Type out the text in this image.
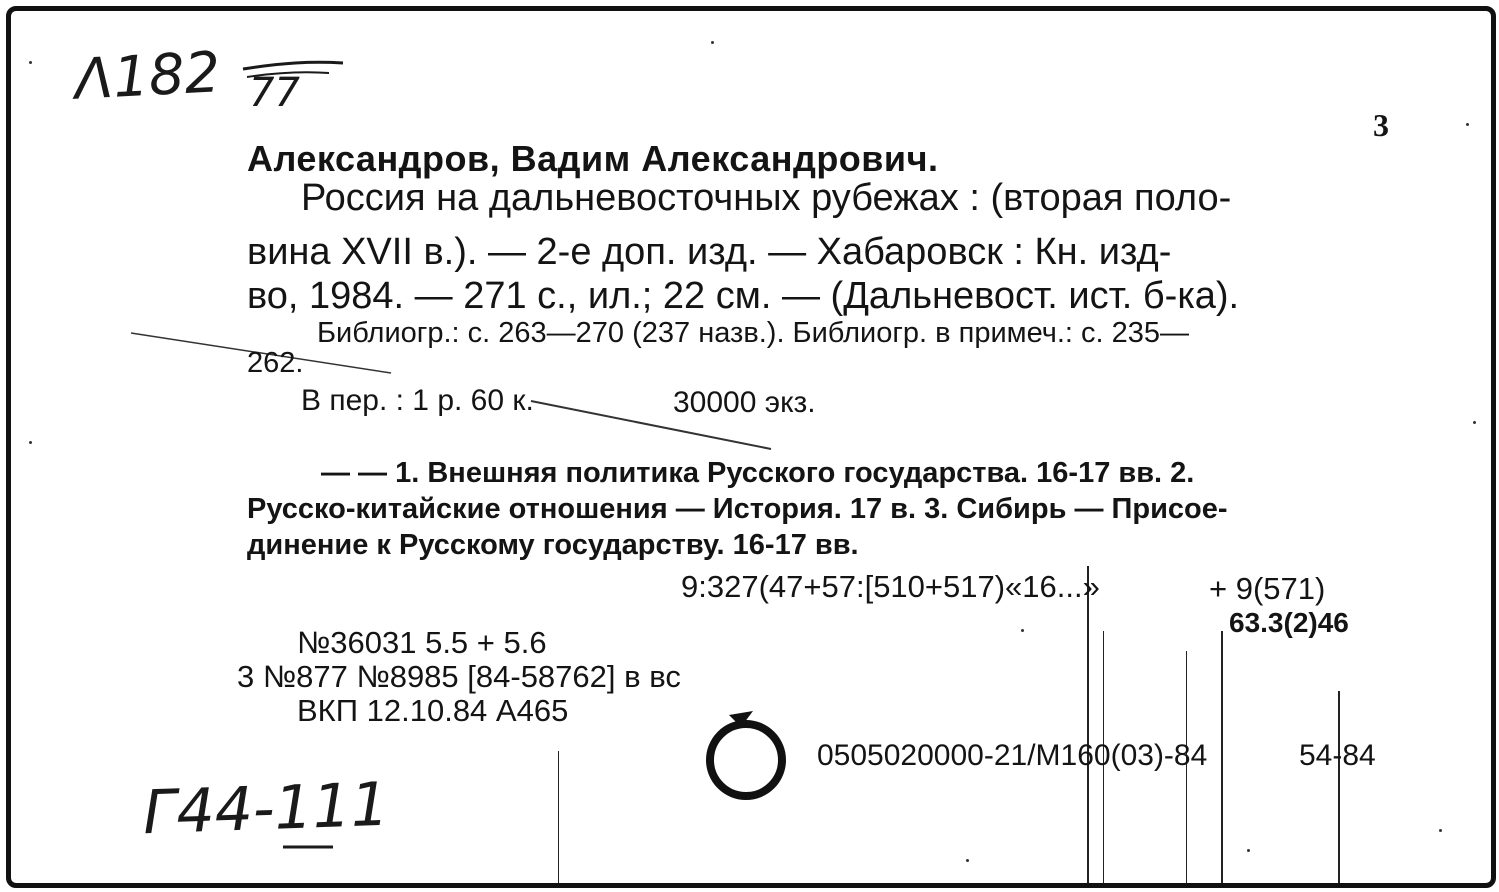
Λ182 77
3
Александров, Вадим Александрович.
Россия на дальневосточных рубежах : (вторая поло-
вина XVII в.). — 2-е доп. изд. — Хабаровск : Кн. изд-
во, 1984. — 271 с., ил.; 22 см. — (Дальневост. ист. б-ка).
Библиогр.: с. 263—270 (237 назв.). Библиогр. в примеч.: с. 235—
262.
В пер. : 1 р. 60 к.	30000 экз.
— — 1. Внешняя политика Русского государства. 16-17 вв. 2.
Русско-китайские отношения — История. 17 в. 3. Сибирь — Присое-
динение к Русскому государству. 16-17 вв.
9:327(47+57:[510+517)«16...»	+ 9(571)
63.3(2)46
№36031 5.5 + 5.6
3 №877 №8985 [84-58762] в вс
ВКП 12.10.84 А465
0505020000-21/М160(03)-84	54-84
Г44-111
